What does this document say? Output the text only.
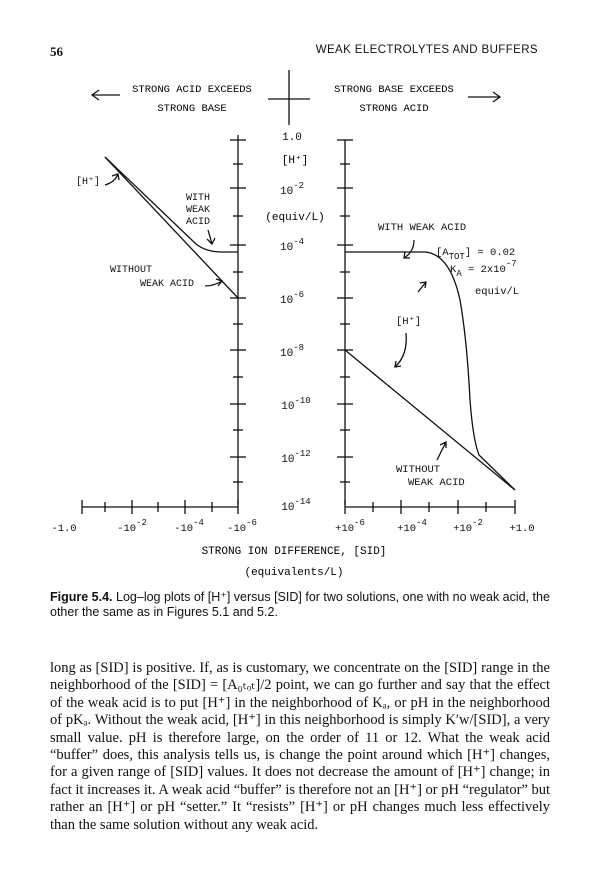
56	WEAK ELECTROLYTES AND BUFFERS
STRONG ACID EXCEEDS
STRONG BASE
STRONG BASE EXCEEDS
STRONG ACID
1.0
$10^{-2}$
$10^{-4}$
$10^{-6}$
$10^{-8}$
$10^{-10}$
$10^{-12}$
$10^{-14}$
[H⁺]
(equiv/L)
-1.0	-10-2	-10-4 -10-6	+10-6	+10-4	+10-2	+1.0
STRONG ION DIFFERENCE, [SID]
(equivalents/L)
[H⁺]
WITH
WEAK
ACID
WITHOUT
WEAK ACID
WITH WEAK ACID
[ATOT] = 0.02
KA = 2x10-7
equiv/L
[H⁺]
WITHOUT
WEAK ACID
Figure 5.4. Log–log plots of [H⁺] versus [SID] for two solutions, one with no weak acid, the other the same as in Figures 5.1 and 5.2.

long as [SID] is positive. If, as is customary, we concentrate on the [SID] range in the neighborhood of the [SID] = [A₀ₜₒₜ]/2 point, we can go further and say that the effect of the weak acid is to put [H⁺] in the neighborhood of Kₐ, or pH in the neighborhood of pKₐ. Without the weak acid, [H⁺] in this neighborhood is simply K′w/[SID], a very small value. pH is therefore large, on the order of 11 or 12. What the weak acid “buffer” does, this analysis tells us, is change the point around which [H⁺] changes, for a given range of [SID] values. It does not decrease the amount of [H⁺] change; in fact it increases it. A weak acid “buffer” is therefore not an [H⁺] or pH “regulator” but rather an [H⁺] or pH “setter.” It “resists” [H⁺] or pH changes much less effectively than the same solution without any weak acid.
